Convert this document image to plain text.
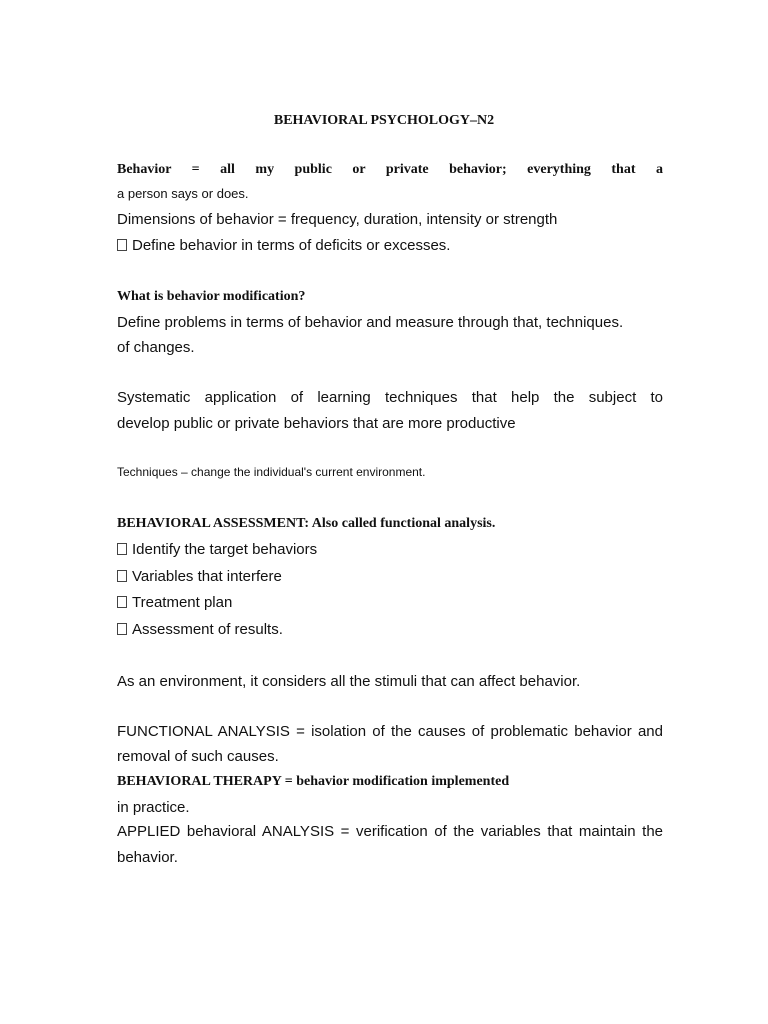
BEHAVIORAL PSYCHOLOGY–N2
Behavior = all my public or private behavior; everything that a
a person says or does.
Dimensions of behavior = frequency, duration, intensity or strength
Define behavior in terms of deficits or excesses.
What is behavior modification?
Define problems in terms of behavior and measure through that, techniques.
of changes.
Systematic application of learning techniques that help the subject to
develop public or private behaviors that are more productive
Techniques – change the individual's current environment.
BEHAVIORAL ASSESSMENT: Also called functional analysis.
Identify the target behaviors
Variables that interfere
Treatment plan
Assessment of results.
As an environment, it considers all the stimuli that can affect behavior.
FUNCTIONAL ANALYSIS = isolation of the causes of problematic behavior and
removal of such causes.
BEHAVIORAL THERAPY = behavior modification implemented
in practice.
APPLIED behavioral ANALYSIS = verification of the variables that maintain the
behavior.
